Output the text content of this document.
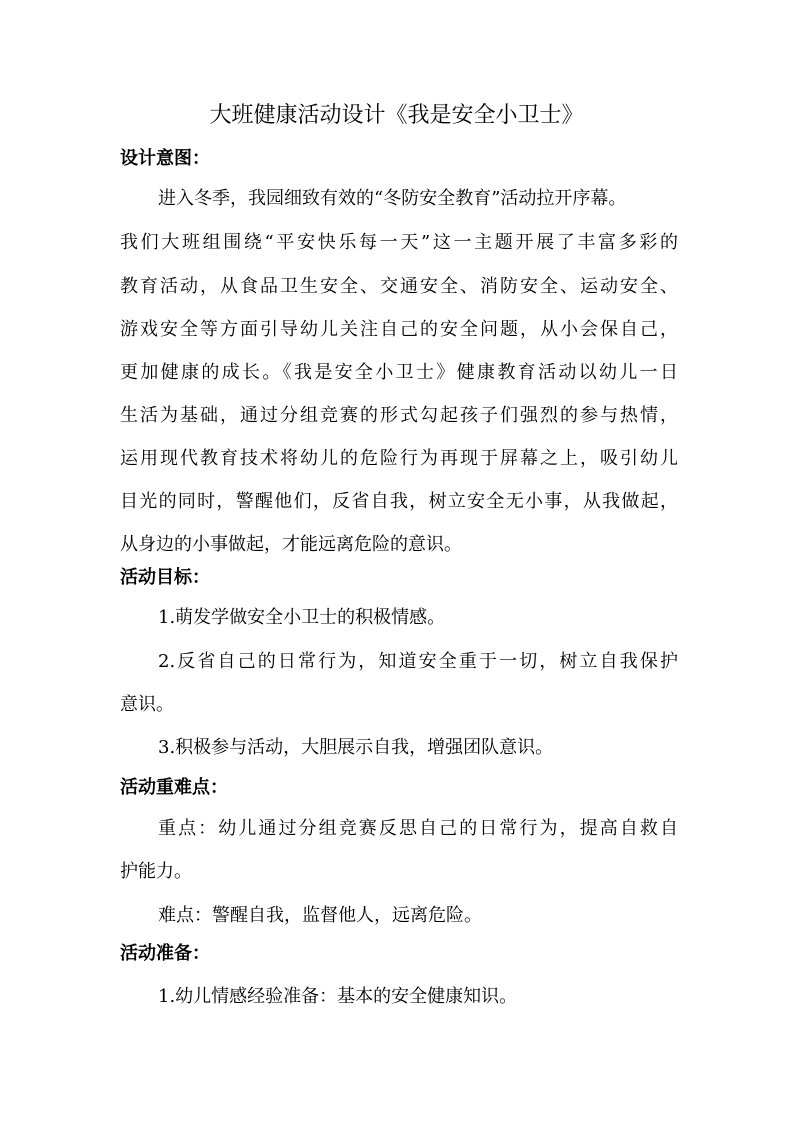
大班健康活动设计《我是安全小卫士》
设计意图：
进入冬季，我园细致有效的“冬防安全教育”活动拉开序幕。
我们大班组围绕“平安快乐每一天”这一主题开展了丰富多彩的
教育活动，从食品卫生安全、交通安全、消防安全、运动安全、
游戏安全等方面引导幼儿关注自己的安全问题，从小会保自己，
更加健康的成长。《我是安全小卫士》健康教育活动以幼儿一日
生活为基础，通过分组竞赛的形式勾起孩子们强烈的参与热情，
运用现代教育技术将幼儿的危险行为再现于屏幕之上，吸引幼儿
目光的同时，警醒他们，反省自我，树立安全无小事，从我做起，
从身边的小事做起，才能远离危险的意识。
活动目标：
1.萌发学做安全小卫士的积极情感。
2.反省自己的日常行为，知道安全重于一切，树立自我保护
意识。
3.积极参与活动，大胆展示自我，增强团队意识。
活动重难点：
重点：幼儿通过分组竞赛反思自己的日常行为，提高自救自
护能力。
难点：警醒自我，监督他人，远离危险。
活动准备：
1.幼儿情感经验准备：基本的安全健康知识。
